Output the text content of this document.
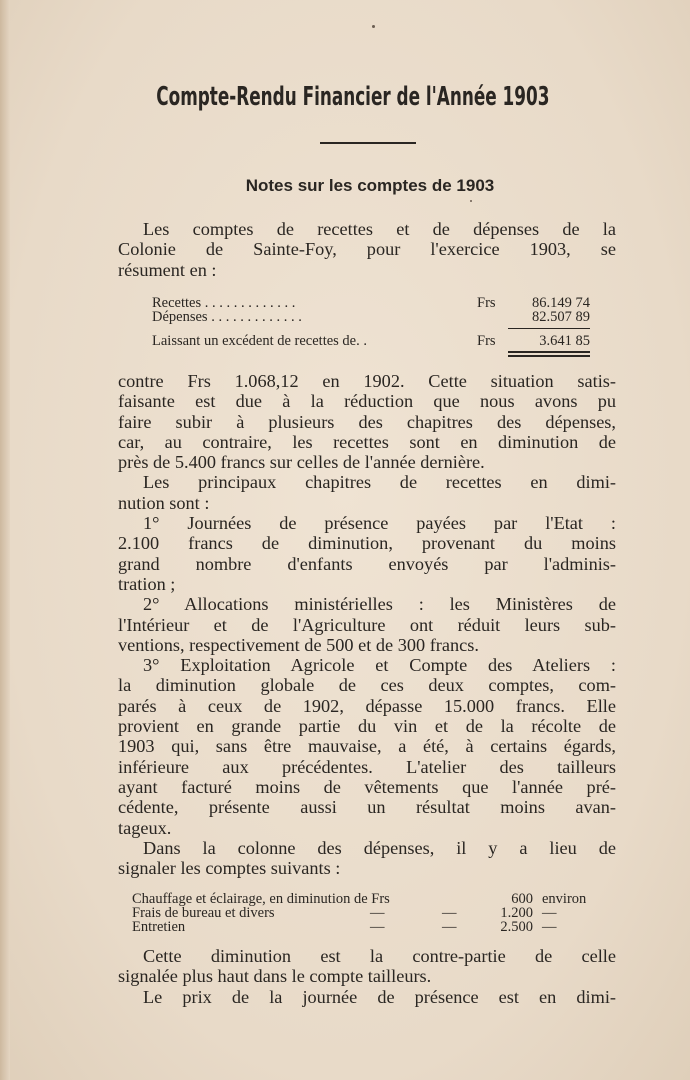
Compte-Rendu Financier de l'Année 1903
Notes sur les comptes de 1903

Les comptes de recettes et de dépenses de la

Colonie de Sainte-Foy, pour l'exercice 1903, se

résument en :

Recettes . . . . . . . . . . . . .	Frs	86.149 74
Dépenses . . . . . . . . . . . . .	82.507 89
Laissant un excédent de recettes de. .	Frs	3.641 85

contre Frs 1.068,12 en 1902. Cette situation satis-

faisante est due à la réduction que nous avons pu

faire subir à plusieurs des chapitres des dépenses,

car, au contraire, les recettes sont en diminution de

près de 5.400 francs sur celles de l'année dernière.

Les principaux chapitres de recettes en dimi-

nution sont :

1° Journées de présence payées par l'Etat :

2.100 francs de diminution, provenant du moins

grand nombre d'enfants envoyés par l'adminis-

tration ;

2° Allocations ministérielles : les Ministères de

l'Intérieur et de l'Agriculture ont réduit leurs sub-

ventions, respectivement de 500 et de 300 francs.

3° Exploitation Agricole et Compte des Ateliers :

la diminution globale de ces deux comptes, com-

parés à ceux de 1902, dépasse 15.000 francs. Elle

provient en grande partie du vin et de la récolte de

1903 qui, sans être mauvaise, a été, à certains égards,

inférieure aux précédentes. L'atelier des tailleurs

ayant facturé moins de vêtements que l'année pré-

cédente, présente aussi un résultat moins avan-

tageux.

Dans la colonne des dépenses, il y a lieu de

signaler les comptes suivants :

Chauffage et éclairage, en diminution de Frs	600 environ
Frais de bureau et divers	—	—	1.200 —
Entretien	—	—	2.500 —

Cette diminution est la contre-partie de celle

signalée plus haut dans le compte tailleurs.

Le prix de la journée de présence est en dimi-
